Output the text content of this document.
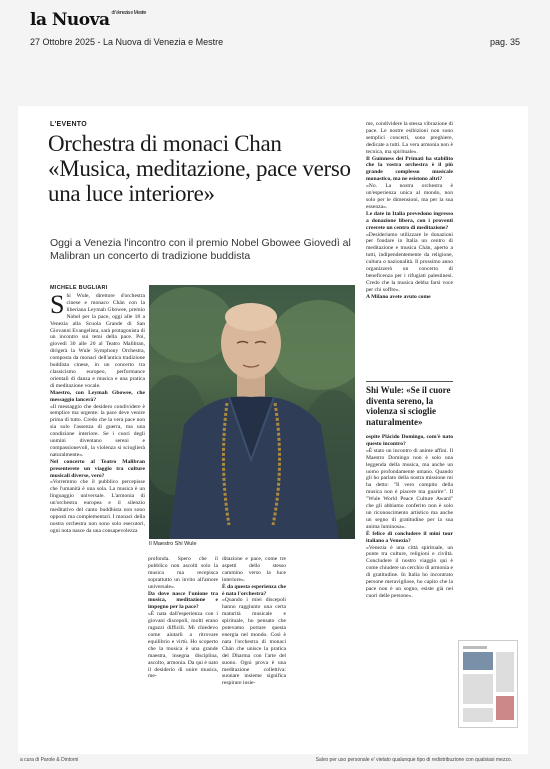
la Nuova $^{di Venezia e Mestre}$
27 Ottobre 2025 - La Nuova di Venezia e Mestre	pag. 35
L'EVENTO
Orchestra di monaci Chan «Musica, meditazione, pace verso una luce interiore»
Oggi a Venezia l'incontro con il premio Nobel Gbowee Giovedì al Malibran un concerto di tradizione buddista
MICHELE BUGLIARI

Shi Wule, direttore d'orchestra cinese e monaco Chán con la liberiana Leymah Gbowee, premio Nobel per la pace, oggi alle 18 a Venezia alla Scuola Grande di San Giovanni Evangelista, sarà protagonista di un incontro sui temi della pace. Poi, giovedì 30 alle 20 al Teatro Malibran, dirigerà la Wule Symphony Orchestra, composta da monaci dell'antica tradizione buddista cinese, in un concerto tra classicismo europeo, performance orientali di danza e musica e una pratica di meditazione vocale.

Maestro, con Leymah Gbowee, che messaggio lancerà?

«Il messaggio che desidero condividere è semplice ma urgente: la pace deve venire prima di tutto. Credo che la vera pace non sia solo l'assenza di guerra, ma una condizione interiore. Se i cuori degli uomini diventano sereni e compassionevoli, la violenza si scioglierà naturalmente».

Nel concerto al Teatro Malibran presenterete un viaggio tra culture musicali diverse, vero?

«Vorremmo che il pubblico percepisse che l'umanità è una sola. La musica è un linguaggio universale. L'armonia di un'orchestra europea e il silenzio meditativo del canto buddhista non sono opposti ma complementari. I monaci della nostra orchestra non sono solo esecutori, ogni nota nasce da una consapevolezza

Il Maestro Shi Wule

profonda. Spero che il pubblico non ascolti solo la musica ma recepisca soprattutto un invito all'amore universale».

Da dove nasce l'unione tra musica, meditazione e impegno per la pace?

«È nata dall'esperienza con i giovani discepoli, molti erano ragazzi difficili. Mi chiedevo come aiutarli a ritrovare equilibrio e virtù. Ho scoperto che la musica è una grande maestra, insegna disciplina, ascolto, armonia. Da qui è nato il desiderio di unire musica, me-

ditazione e pace, come tre aspetti dello stesso cammino verso la luce interiore».

È da questa esperienza che è nata l'orchestra?

«Quando i miei discepoli hanno raggiunto una certa maturità musicale e spirituale, ho pensato che potevamo portare questa energia nel mondo. Così è nata l'orchestra di monaci Chán che unisce la pratica del Dharma con l'arte del suono. Ogni prova è una meditazione collettiva: suonare insieme significa respirare insie-

me, condividere la stessa vibrazione di pace. Le nostre esibizioni non sono semplici concerti, sono preghiere, dedicate a tutti. La vera armonia non è tecnica, ma spirituale».

Il Guinness dei Primati ha stabilito che la vostra orchestra è il più grande complesso musicale monastico, ma ne esistono altri?

«No. La nostra orchestra è un'esperienza unica al mondo, non solo per le dimensioni, ma per la sua essenza».

Le date in Italia prevedono ingresso a donazione libera, con i proventi creerete un centro di meditazione?

«Desideriamo utilizzare le donazioni per fondare in Italia un centro di meditazione e musica Chán, aperto a tutti, indipendentemente da religione, cultura o nazionalità. Il prossimo anno organizzerò un concerto di beneficenza per i rifugiati palestinesi. Credo che la musica debba farsi voce per chi soffre».

A Milano avete avuto come

Shi Wule: «Se il cuore diventa sereno, la violenza si scioglie naturalmente»

ospite Plácido Domingo, com'è nato questo incontro?

«È stato un incontro di anime affini. Il Maestro Domingo non è solo una leggenda della musica, ma anche un uomo profondamente umano. Quando gli ho parlato della nostra missione mi ha detto: "Il vero compito della musica non è piacere ma guarire". Il "Wule World Peace Culture Award" che gli abbiamo conferito non è solo un riconoscimento artistico ma anche un segno di gratitudine per la sua anima luminosa».

È felice di concludere il mini tour italiano a Venezia?

«Venezia è una città spirituale, un ponte tra culture, religioni e civiltà. Concludere il nostro viaggio qui è come chiudere un cerchio di armonia e di gratitudine. In Italia ho incontrato persone meravigliose, ho capito che la pace non è un sogno, esiste già nei cuori delle persone».

a cura di Parole & Dintorni	Salvo per uso personale e' vietato qualunque tipo di redistribuzione con qualsiasi mezzo.
